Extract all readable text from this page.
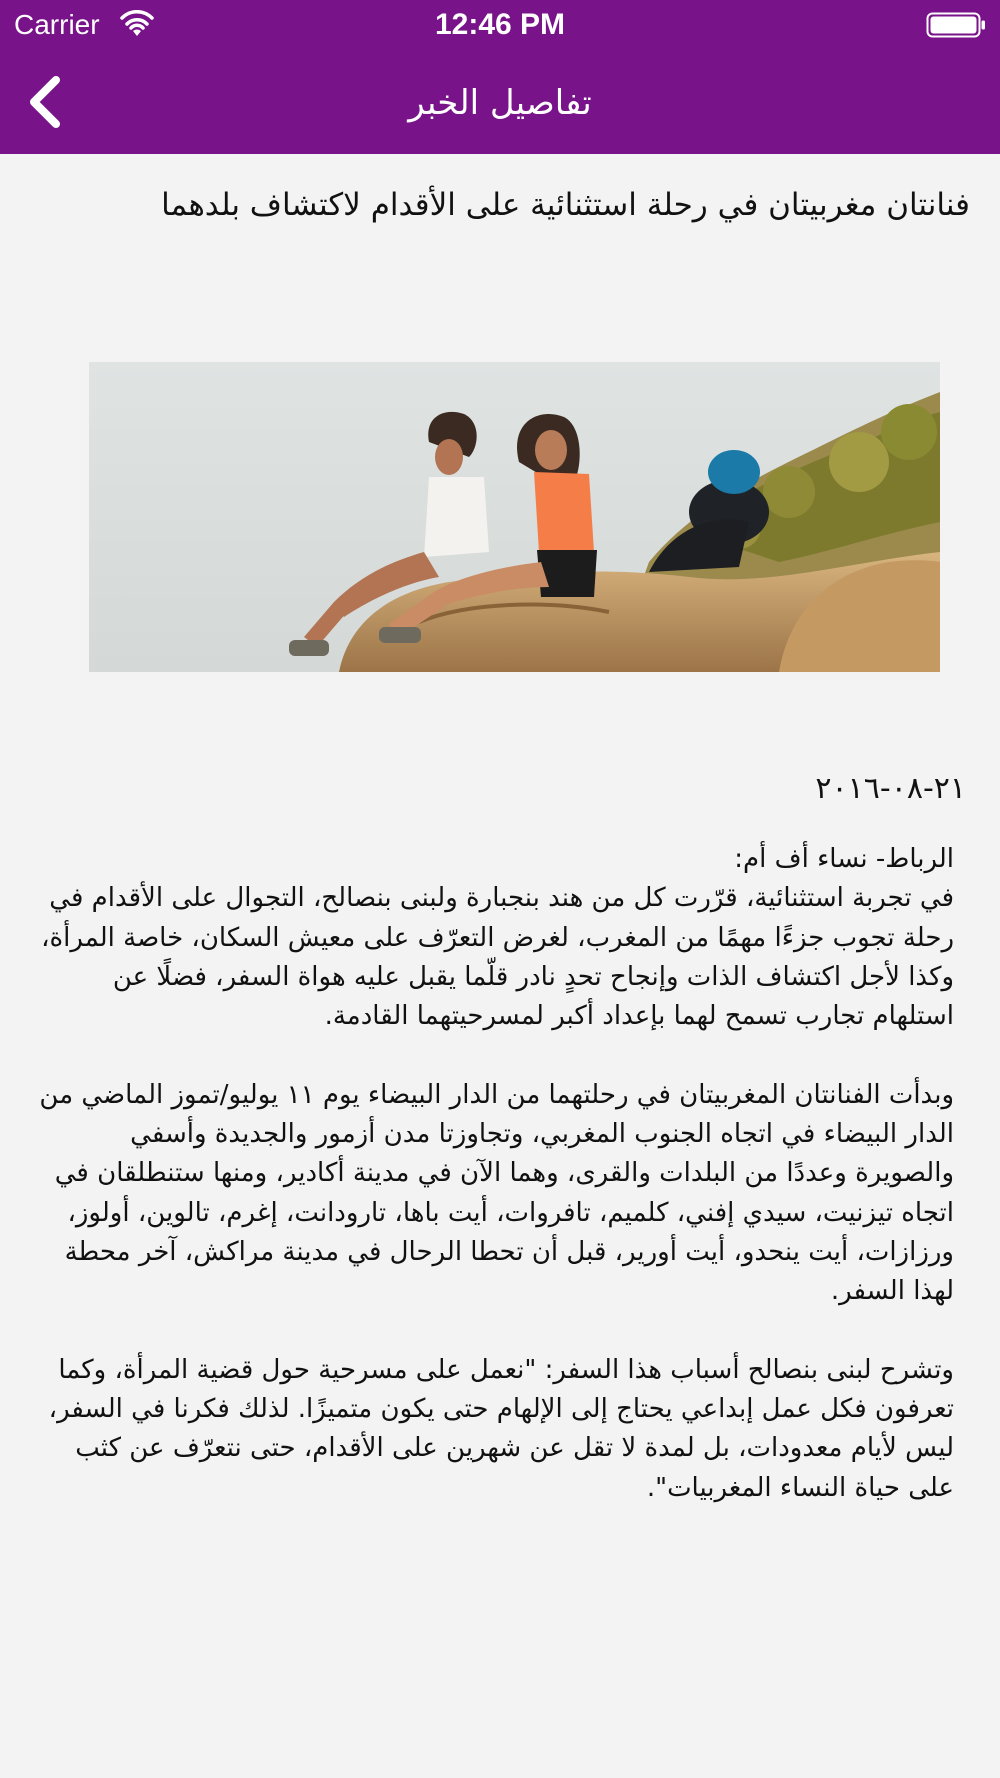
Carrier	12:46 PM
تفاصيل الخبر
فنانتان مغربيتان في رحلة استثنائية على الأقدام لاكتشاف بلدهما
٢١-٠٨-٢٠١٦

الرباط- نساء أف أم:

في تجربة استثنائية، قرّرت كل من هند بنجبارة ولبنى بنصالح، التجوال على الأقدام في رحلة تجوب جزءًا مهمًا من المغرب، لغرض التعرّف على معيش السكان، خاصة المرأة، وكذا لأجل اكتشاف الذات وإنجاح تحدٍ نادر قلّما يقبل عليه هواة السفر، فضلًا عن استلهام تجارب تسمح لهما بإعداد أكبر لمسرحيتهما القادمة.

وبدأت الفنانتان المغربيتان في رحلتهما من الدار البيضاء يوم ١١ يوليو/تموز الماضي من الدار البيضاء في اتجاه الجنوب المغربي، وتجاوزتا مدن أزمور والجديدة وأسفي والصويرة وعددًا من البلدات والقرى، وهما الآن في مدينة أكادير، ومنها ستنطلقان في اتجاه تيزنيت، سيدي إفني، كلميم، تافروات، أيت باها، تارودانت، إغرم، تالوين، أولوز، ورزازات، أيت ينحدو، أيت أورير، قبل أن تحطا الرحال في مدينة مراكش، آخر محطة لهذا السفر.

وتشرح لبنى بنصالح أسباب هذا السفر: "نعمل على مسرحية حول قضية المرأة، وكما تعرفون فكل عمل إبداعي يحتاج إلى الإلهام حتى يكون متميزًا. لذلك فكرنا في السفر، ليس لأيام معدودات، بل لمدة لا تقل عن شهرين على الأقدام، حتى نتعرّف عن كثب على حياة النساء المغربيات".
